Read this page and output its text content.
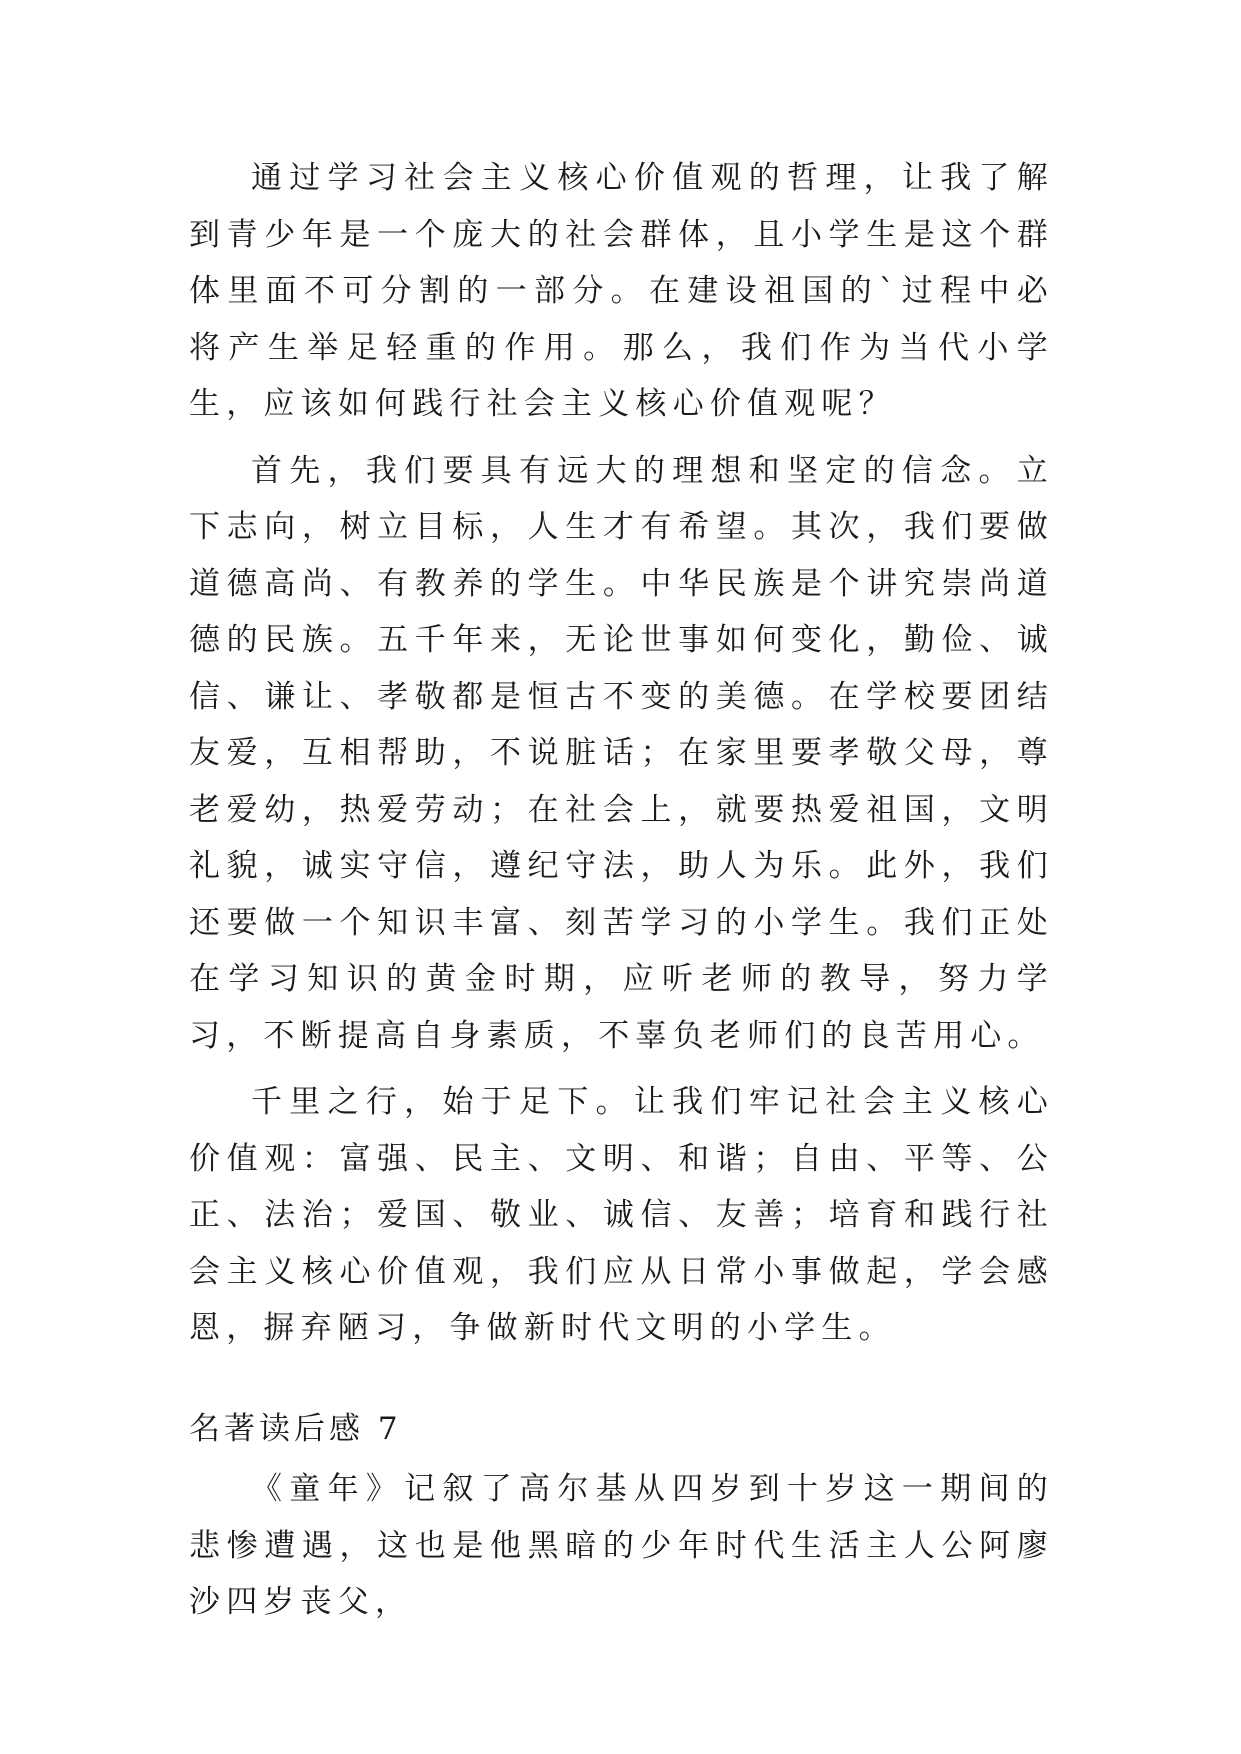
通过学习社会主义核心价值观的哲理，让我了解到青少年是一个庞大的社会群体，且小学生是这个群体里面不可分割的一部分。在建设祖国的`过程中必将产生举足轻重的作用。那么，我们作为当代小学生，应该如何践行社会主义核心价值观呢？

首先，我们要具有远大的理想和坚定的信念。立下志向，树立目标，人生才有希望。其次，我们要做道德高尚、有教养的学生。中华民族是个讲究崇尚道德的民族。五千年来，无论世事如何变化，勤俭、诚信、谦让、孝敬都是恒古不变的美德。在学校要团结友爱，互相帮助，不说脏话；在家里要孝敬父母，尊老爱幼，热爱劳动；在社会上，就要热爱祖国，文明礼貌，诚实守信，遵纪守法，助人为乐。此外，我们还要做一个知识丰富、刻苦学习的小学生。我们正处在学习知识的黄金时期，应听老师的教导，努力学习，不断提高自身素质，不辜负老师们的良苦用心。

千里之行，始于足下。让我们牢记社会主义核心价值观：富强、民主、文明、和谐；自由、平等、公正、法治；爱国、敬业、诚信、友善；培育和践行社会主义核心价值观，我们应从日常小事做起，学会感恩，摒弃陋习，争做新时代文明的小学生。

名著读后感 7

《童年》记叙了高尔基从四岁到十岁这一期间的悲惨遭遇，这也是他黑暗的少年时代生活主人公阿廖沙四岁丧父，
